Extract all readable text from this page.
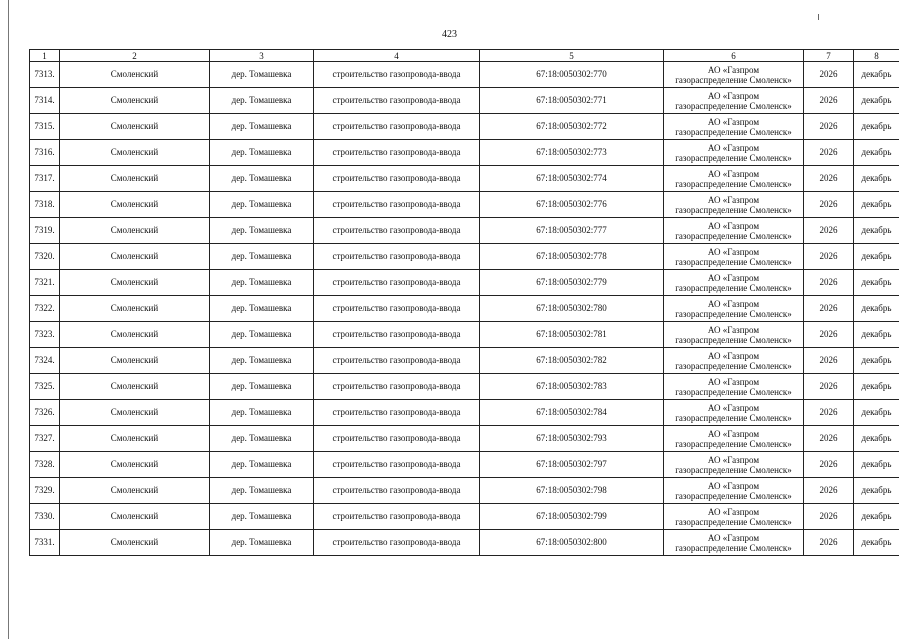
423
1	2	3	4	5	6	7	8
7313.	Смоленский	дер. Томашевка	строительство газопровода-ввода	67:18:0050302:770	АО «Газпром
газораспределение Смоленск»	2026	декабрь
7314.	Смоленский	дер. Томашевка	строительство газопровода-ввода	67:18:0050302:771	АО «Газпром
газораспределение Смоленск»	2026	декабрь
7315.	Смоленский	дер. Томашевка	строительство газопровода-ввода	67:18:0050302:772	АО «Газпром
газораспределение Смоленск»	2026	декабрь
7316.	Смоленский	дер. Томашевка	строительство газопровода-ввода	67:18:0050302:773	АО «Газпром
газораспределение Смоленск»	2026	декабрь
7317.	Смоленский	дер. Томашевка	строительство газопровода-ввода	67:18:0050302:774	АО «Газпром
газораспределение Смоленск»	2026	декабрь
7318.	Смоленский	дер. Томашевка	строительство газопровода-ввода	67:18:0050302:776	АО «Газпром
газораспределение Смоленск»	2026	декабрь
7319.	Смоленский	дер. Томашевка	строительство газопровода-ввода	67:18:0050302:777	АО «Газпром
газораспределение Смоленск»	2026	декабрь
7320.	Смоленский	дер. Томашевка	строительство газопровода-ввода	67:18:0050302:778	АО «Газпром
газораспределение Смоленск»	2026	декабрь
7321.	Смоленский	дер. Томашевка	строительство газопровода-ввода	67:18:0050302:779	АО «Газпром
газораспределение Смоленск»	2026	декабрь
7322.	Смоленский	дер. Томашевка	строительство газопровода-ввода	67:18:0050302:780	АО «Газпром
газораспределение Смоленск»	2026	декабрь
7323.	Смоленский	дер. Томашевка	строительство газопровода-ввода	67:18:0050302:781	АО «Газпром
газораспределение Смоленск»	2026	декабрь
7324.	Смоленский	дер. Томашевка	строительство газопровода-ввода	67:18:0050302:782	АО «Газпром
газораспределение Смоленск»	2026	декабрь
7325.	Смоленский	дер. Томашевка	строительство газопровода-ввода	67:18:0050302:783	АО «Газпром
газораспределение Смоленск»	2026	декабрь
7326.	Смоленский	дер. Томашевка	строительство газопровода-ввода	67:18:0050302:784	АО «Газпром
газораспределение Смоленск»	2026	декабрь
7327.	Смоленский	дер. Томашевка	строительство газопровода-ввода	67:18:0050302:793	АО «Газпром
газораспределение Смоленск»	2026	декабрь
7328.	Смоленский	дер. Томашевка	строительство газопровода-ввода	67:18:0050302:797	АО «Газпром
газораспределение Смоленск»	2026	декабрь
7329.	Смоленский	дер. Томашевка	строительство газопровода-ввода	67:18:0050302:798	АО «Газпром
газораспределение Смоленск»	2026	декабрь
7330.	Смоленский	дер. Томашевка	строительство газопровода-ввода	67:18:0050302:799	АО «Газпром
газораспределение Смоленск»	2026	декабрь
7331.	Смоленский	дер. Томашевка	строительство газопровода-ввода	67:18:0050302:800	АО «Газпром
газораспределение Смоленск»	2026	декабрь
